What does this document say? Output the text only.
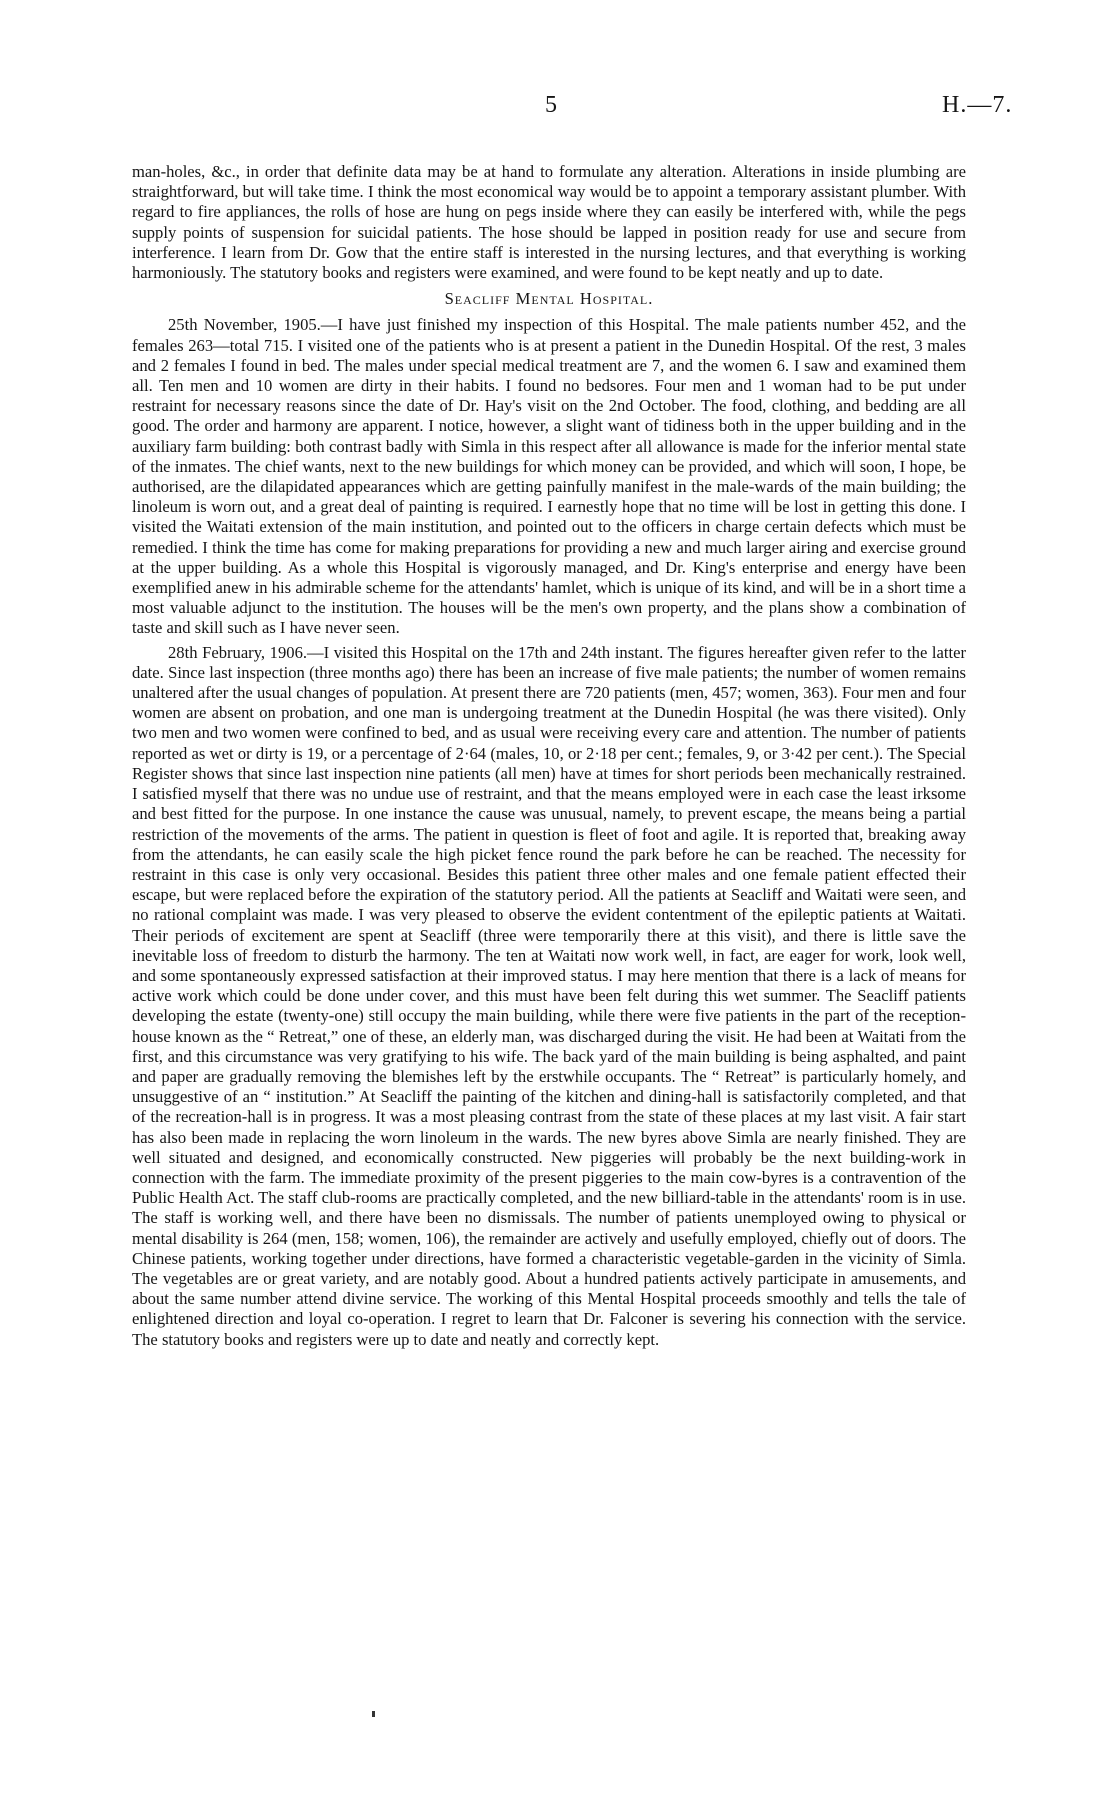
5	H.—7.

man-holes, &c., in order that definite data may be at hand to formulate any alteration. Alterations in inside plumbing are straightforward, but will take time. I think the most economical way would be to appoint a temporary assistant plumber. With regard to fire appliances, the rolls of hose are hung on pegs inside where they can easily be interfered with, while the pegs supply points of suspension for suicidal patients. The hose should be lapped in position ready for use and secure from interference. I learn from Dr. Gow that the entire staff is interested in the nursing lectures, and that everything is working harmoniously. The statutory books and registers were examined, and were found to be kept neatly and up to date.

Seacliff Mental Hospital.

25th November, 1905.—I have just finished my inspection of this Hospital. The male patients number 452, and the females 263—total 715. I visited one of the patients who is at present a patient in the Dunedin Hospital. Of the rest, 3 males and 2 females I found in bed. The males under special medical treatment are 7, and the women 6. I saw and examined them all. Ten men and 10 women are dirty in their habits. I found no bedsores. Four men and 1 woman had to be put under restraint for necessary reasons since the date of Dr. Hay's visit on the 2nd October. The food, clothing, and bedding are all good. The order and harmony are apparent. I notice, however, a slight want of tidiness both in the upper building and in the auxiliary farm building: both contrast badly with Simla in this respect after all allowance is made for the inferior mental state of the inmates. The chief wants, next to the new buildings for which money can be provided, and which will soon, I hope, be authorised, are the dilapidated appearances which are getting painfully manifest in the male-wards of the main building; the linoleum is worn out, and a great deal of painting is required. I earnestly hope that no time will be lost in getting this done. I visited the Waitati extension of the main institution, and pointed out to the officers in charge certain defects which must be remedied. I think the time has come for making preparations for providing a new and much larger airing and exercise ground at the upper building. As a whole this Hospital is vigorously managed, and Dr. King's enterprise and energy have been exemplified anew in his admirable scheme for the attendants' hamlet, which is unique of its kind, and will be in a short time a most valuable adjunct to the institution. The houses will be the men's own property, and the plans show a combination of taste and skill such as I have never seen.

28th February, 1906.—I visited this Hospital on the 17th and 24th instant. The figures hereafter given refer to the latter date. Since last inspection (three months ago) there has been an increase of five male patients; the number of women remains unaltered after the usual changes of population. At present there are 720 patients (men, 457; women, 363). Four men and four women are absent on probation, and one man is undergoing treatment at the Dunedin Hospital (he was there visited). Only two men and two women were confined to bed, and as usual were receiving every care and attention. The number of patients reported as wet or dirty is 19, or a percentage of 2·64 (males, 10, or 2·18 per cent.; females, 9, or 3·42 per cent.). The Special Register shows that since last inspection nine patients (all men) have at times for short periods been mechanically restrained. I satisfied myself that there was no undue use of restraint, and that the means employed were in each case the least irksome and best fitted for the purpose. In one instance the cause was unusual, namely, to prevent escape, the means being a partial restriction of the movements of the arms. The patient in question is fleet of foot and agile. It is reported that, breaking away from the attendants, he can easily scale the high picket fence round the park before he can be reached. The necessity for restraint in this case is only very occasional. Besides this patient three other males and one female patient effected their escape, but were replaced before the expiration of the statutory period. All the patients at Seacliff and Waitati were seen, and no rational complaint was made. I was very pleased to observe the evident contentment of the epileptic patients at Waitati. Their periods of excitement are spent at Seacliff (three were temporarily there at this visit), and there is little save the inevitable loss of freedom to disturb the harmony. The ten at Waitati now work well, in fact, are eager for work, look well, and some spontaneously expressed satisfaction at their improved status. I may here mention that there is a lack of means for active work which could be done under cover, and this must have been felt during this wet summer. The Seacliff patients developing the estate (twenty-one) still occupy the main building, while there were five patients in the part of the reception-house known as the “ Retreat,” one of these, an elderly man, was discharged during the visit. He had been at Waitati from the first, and this circumstance was very gratifying to his wife. The back yard of the main building is being asphalted, and paint and paper are gradually removing the blemishes left by the erstwhile occupants. The “ Retreat” is particularly homely, and unsuggestive of an “ institution.” At Seacliff the painting of the kitchen and dining-hall is satisfactorily completed, and that of the recreation-hall is in progress. It was a most pleasing contrast from the state of these places at my last visit. A fair start has also been made in replacing the worn linoleum in the wards. The new byres above Simla are nearly finished. They are well situated and designed, and economically constructed. New piggeries will probably be the next building-work in connection with the farm. The immediate proximity of the present piggeries to the main cow-byres is a contravention of the Public Health Act. The staff club-rooms are practically completed, and the new billiard-table in the attendants' room is in use. The staff is working well, and there have been no dismissals. The number of patients unemployed owing to physical or mental disability is 264 (men, 158; women, 106), the remainder are actively and usefully employed, chiefly out of doors. The Chinese patients, working together under directions, have formed a characteristic vegetable-garden in the vicinity of Simla. The vegetables are or great variety, and are notably good. About a hundred patients actively participate in amusements, and about the same number attend divine service. The working of this Mental Hospital proceeds smoothly and tells the tale of enlightened direction and loyal co-operation. I regret to learn that Dr. Falconer is severing his connection with the service. The statutory books and registers were up to date and neatly and correctly kept.
